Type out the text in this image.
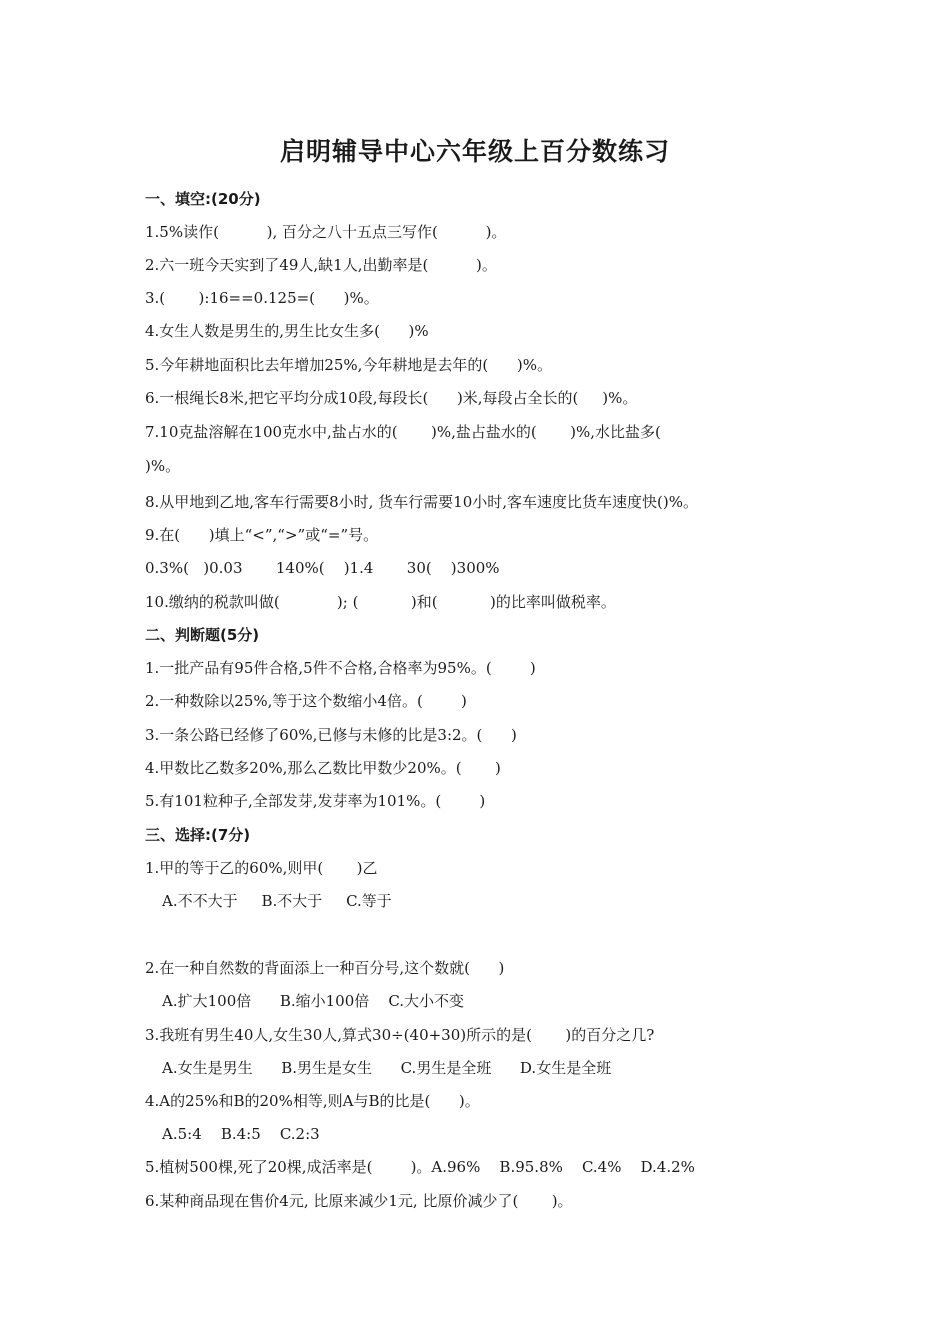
启明辅导中心六年级上百分数练习
一、填空:(20分)
1.5%读作(          ), 百分之八十五点三写作(          )。
2.六一班今天实到了49人,缺1人,出勤率是(          )。
3.(       ):16==0.125=(      )%。
4.女生人数是男生的,男生比女生多(      )%
5.今年耕地面积比去年增加25%,今年耕地是去年的(      )%。
6.一根绳长8米,把它平均分成10段,每段长(      )米,每段占全长的(     )%。
7.10克盐溶解在100克水中,盐占水的(       )%,盐占盐水的(       )%,水比盐多(
)%。
8.从甲地到乙地,客车行需要8小时, 货车行需要10小时,客车速度比货车速度快()%。
9.在(      )填上“<”,“>”或“=”号。
0.3%(   )0.03       140%(    )1.4       30(    )300%
10.缴纳的税款叫做(            ); (           )和(           )的比率叫做税率。
二、判断题(5分)
1.一批产品有95件合格,5件不合格,合格率为95%。(        )
2.一种数除以25%,等于这个数缩小4倍。(        )
3.一条公路已经修了60%,已修与未修的比是3:2。(      )
4.甲数比乙数多20%,那么乙数比甲数少20%。(       )
5.有101粒种子,全部发芽,发芽率为101%。(        )
三、选择:(7分)
1.甲的等于乙的60%,则甲(       )乙
A.不不大于     B.不大于     C.等于
2.在一种自然数的背面添上一种百分号,这个数就(      )
A.扩大100倍      B.缩小100倍    C.大小不变
3.我班有男生40人,女生30人,算式30÷(40+30)所示的是(       )的百分之几?
A.女生是男生      B.男生是女生      C.男生是全班      D.女生是全班
4.A的25%和B的20%相等,则A与B的比是(      )。
A.5:4    B.4:5    C.2:3
5.植树500棵,死了20棵,成活率是(        )。A.96%    B.95.8%    C.4%    D.4.2%
6.某种商品现在售价4元, 比原来减少1元, 比原价减少了(       )。
